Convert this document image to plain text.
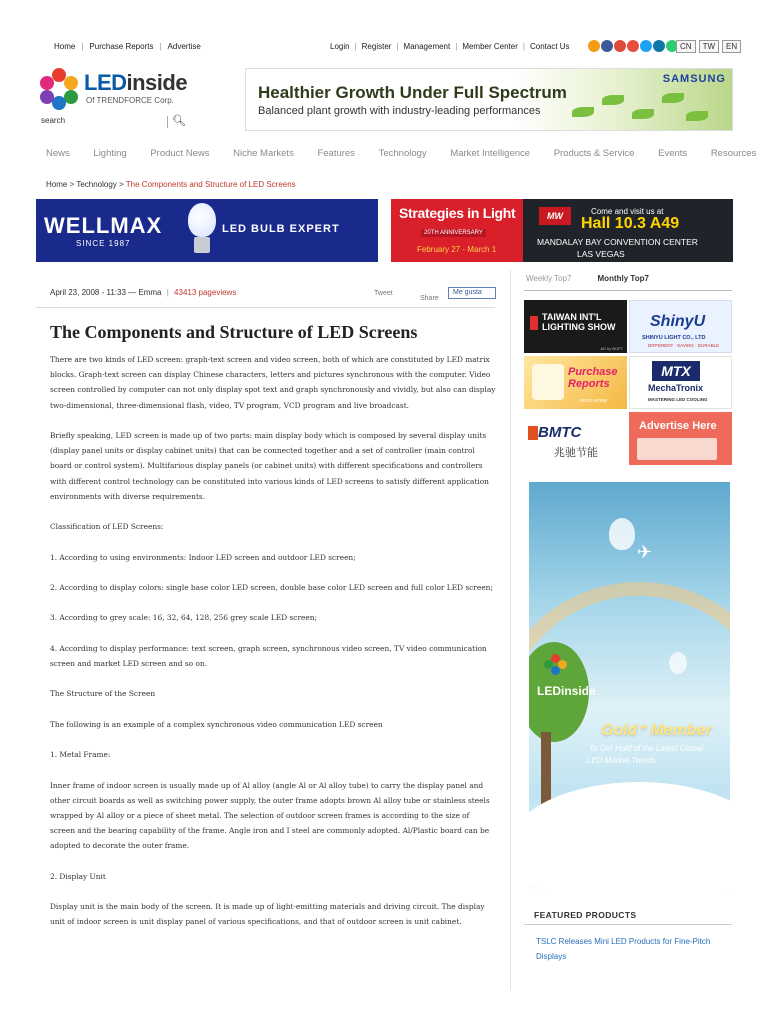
Home | Purchase Reports | Advertise	Login | Register | Management | Member Center | Contact Us	CN	TW	EN
LEDinside
Of TRENDFORCE Corp.
search	🔍︎
Healthier Growth Under Full Spectrum
Balanced plant growth with industry-leading performances
SAMSUNG
News Lighting Product News Niche Markets Features Technology Market Intelligence Products & Service Events Resources
Home > Technology > The Components and Structure of LED Screens
WELLMAX
SINCE 1987
LED BULB EXPERT
Strategies in Light
20TH ANNIVERSARY
February 27 - March 1
MW	Come and visit us at
Hall 10.3 A49
MANDALAY BAY CONVENTION CENTER
LAS VEGAS
April 23, 2008 - 11:33 — Emma | 43413 pageviews	Tweet
Share
Me gusta
The Components and Structure of LED Screens

There are two kinds of LED screen: graph-text screen and video screen, both of which are constituted by LED matrix blocks. Graph-text screen can display Chinese characters, letters and pictures synchronous with the computer. Video screen controlled by computer can not only display spot text and graph synchronously and vividly, but also can display two-dimensional, three-dimensional flash, video, TV program, VCD program and live broadcast.

Briefly speaking, LED screen is made up of two parts: main display body which is composed by several display units (display panel units or display cabinet units) that can be connected together and a set of controller (main control board or control system). Multifarious display panels (or cabinet units) with different specifications and controllers with different control technology can be constituted into various kinds of LED screens to satisfy different application environments with diverse requirements.

Classification of LED Screens:

1. According to using environments: Indoor LED screen and outdoor LED screen;

2. According to display colors: single base color LED screen, double base color LED screen and full color LED screen;

3. According to grey scale: 16, 32, 64, 128, 256 grey scale LED screen;

4. According to display performance: text screen, graph screen, synchronous video screen, TV video communication screen and market LED screen and so on.

The Structure of the Screen

The following is an example of a complex synchronous video communication LED screen

1. Metal Frame:

Inner frame of indoor screen is usually made up of Al alloy (angle Al or Al alloy tube) to carry the display panel and other circuit boards as well as switching power supply, the outer frame adopts brown Al alloy tube or stainless steels wrapped by Al alloy or a piece of sheet metal. The selection of outdoor screen frames is according to the size of screen and the bearing capability of the frame. Angle iron and I steel are commonly adopted. Al/Plastic board can be adopted to decorate the outer frame.

2. Display Unit

Display unit is the main body of the screen. It is made up of light-emitting materials and driving circuit. The display unit of indoor screen is unit display panel of various specifications, and that of outdoor screen is unit cabinet.

Weekly Top7	Monthly Top7
TAIWAN INT'L
LIGHTING SHOW
AD by BOFT
ShinyU
SHINYU LIGHT CO., LTD
DIFFERENT · SAVING · DURABLE
Purchase
Reports
READ MORE
MTX
MechaTronix
MASTERING LED COOLING
BMTC
兆驰节能
Advertise Here
✈︎
LEDinside
Gold⁺ Member
To Get Hold of the Latest Global
LED Market Trends
FEATURED PRODUCTS
TSLC Releases Mini LED Products for Fine-Pitch Displays
